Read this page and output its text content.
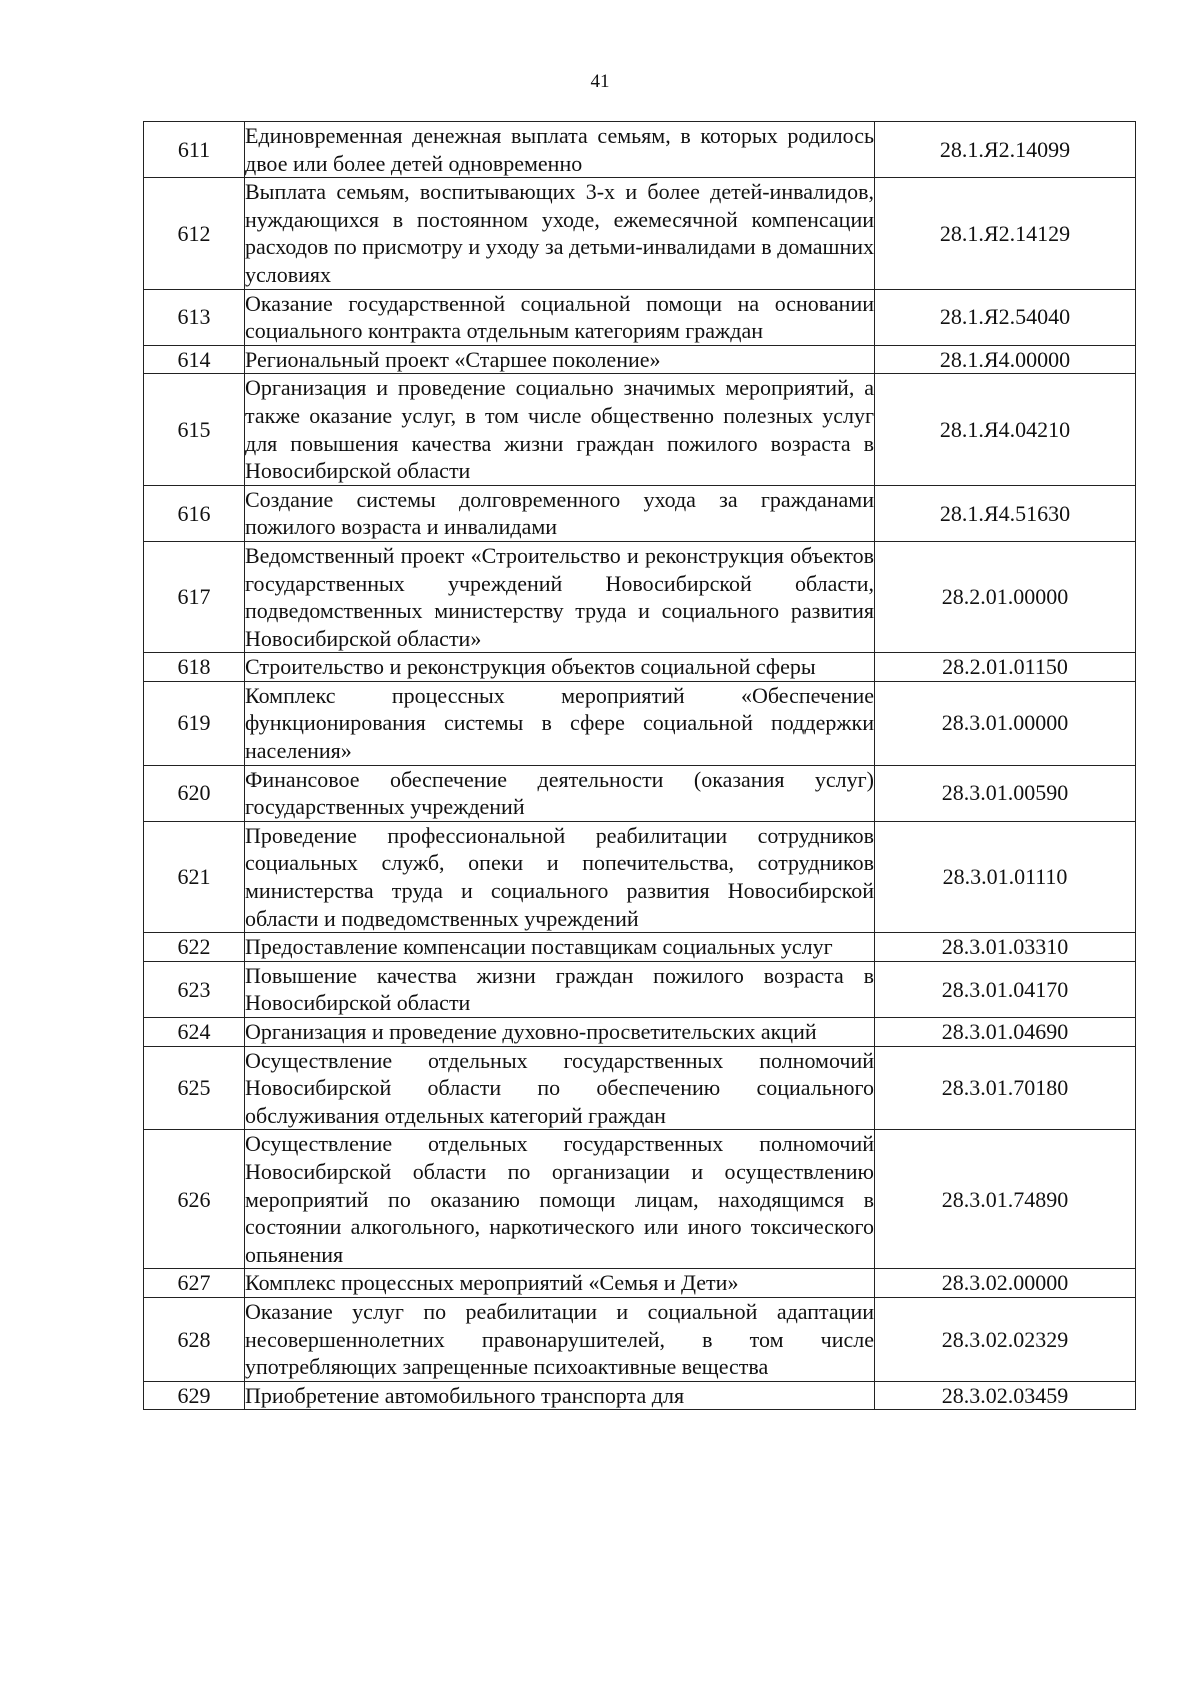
41
611	Единовременная денежная выплата семьям, в которых родилось двое или более детей одновременно	28.1.Я2.14099
612	Выплата семьям, воспитывающих 3-х и более детей-инвалидов, нуждающихся в постоянном уходе, ежемесячной компенсации расходов по присмотру и уходу за детьми-инвалидами в домашних условиях	28.1.Я2.14129
613	Оказание государственной социальной помощи на основании социального контракта отдельным категориям граждан	28.1.Я2.54040
614	Региональный проект «Старшее поколение»	28.1.Я4.00000
615	Организация и проведение социально значимых мероприятий, а также оказание услуг, в том числе общественно полезных услуг для повышения качества жизни граждан пожилого возраста в Новосибирской области	28.1.Я4.04210
616	Создание системы долговременного ухода за гражданами пожилого возраста и инвалидами	28.1.Я4.51630
617	Ведомственный проект «Строительство и реконструкция объектов государственных учреждений Новосибирской области, подведомственных министерству труда и социального развития Новосибирской области»	28.2.01.00000
618	Строительство и реконструкция объектов социальной сферы	28.2.01.01150
619	Комплекс процессных мероприятий «Обеспечение функционирования системы в сфере социальной поддержки населения»	28.3.01.00000
620	Финансовое обеспечение деятельности (оказания услуг) государственных учреждений	28.3.01.00590
621	Проведение профессиональной реабилитации сотрудников социальных служб, опеки и попечительства, сотрудников министерства труда и социального развития Новосибирской области и подведомственных учреждений	28.3.01.01110
622	Предоставление компенсации поставщикам социальных услуг	28.3.01.03310
623	Повышение качества жизни граждан пожилого возраста в Новосибирской области	28.3.01.04170
624	Организация и проведение духовно-просветительских акций	28.3.01.04690
625	Осуществление отдельных государственных полномочий Новосибирской области по обеспечению социального обслуживания отдельных категорий граждан	28.3.01.70180
626	Осуществление отдельных государственных полномочий Новосибирской области по организации и осуществлению мероприятий по оказанию помощи лицам, находящимся в состоянии алкогольного, наркотического или иного токсического опьянения	28.3.01.74890
627	Комплекс процессных мероприятий «Семья и Дети»	28.3.02.00000
628	Оказание услуг по реабилитации и социальной адаптации несовершеннолетних правонарушителей, в том числе употребляющих запрещенные психоактивные вещества	28.3.02.02329
629	Приобретение автомобильного транспорта для	28.3.02.03459
